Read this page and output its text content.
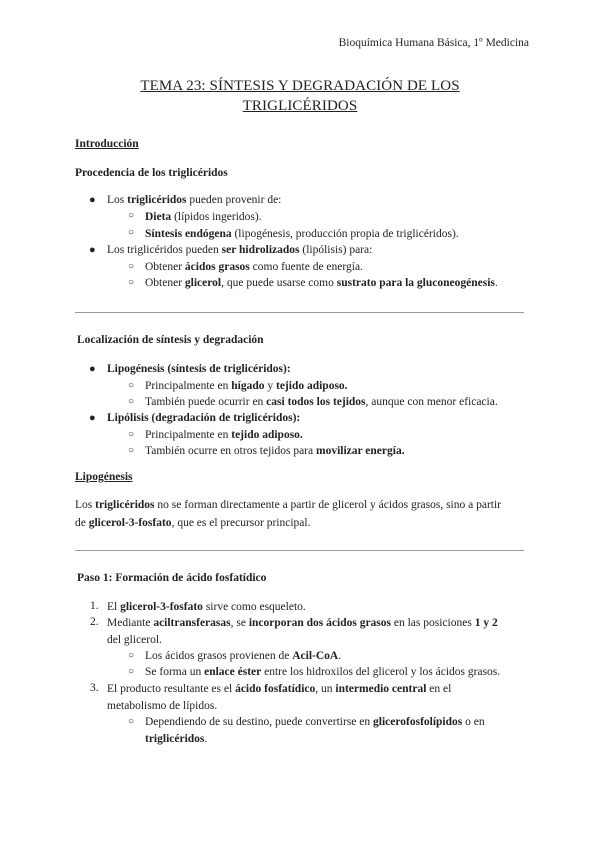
Bioquímica Humana Básica, 1º Medicina
TEMA 23: SÍNTESIS Y DEGRADACIÓN DE LOS
TRIGLICÉRIDOS
Introducción
Procedencia de los triglicéridos
● Los triglicéridos pueden provenir de:
○ Dieta (lípidos ingeridos).
○ Síntesis endógena (lipogénesis, producción propia de triglicéridos).
● Los triglicéridos pueden ser hidrolizados (lipólisis) para:
○ Obtener ácidos grasos como fuente de energía.
○ Obtener glicerol, que puede usarse como sustrato para la gluconeogénesis.
Localización de síntesis y degradación
● Lipogénesis (síntesis de triglicéridos):
○ Principalmente en hígado y tejido adiposo.
○ También puede ocurrir en casi todos los tejidos, aunque con menor eficacia.
● Lipólisis (degradación de triglicéridos):
○ Principalmente en tejido adiposo.
○ También ocurre en otros tejidos para movilizar energía.
Lipogénesis
Los triglicéridos no se forman directamente a partir de glicerol y ácidos grasos, sino a partir
de glicerol-3-fosfato, que es el precursor principal.
Paso 1: Formación de ácido fosfatídico
1. El glicerol-3-fosfato sirve como esqueleto.
2. Mediante aciltransferasas, se incorporan dos ácidos grasos en las posiciones 1 y 2
del glicerol.
○ Los ácidos grasos provienen de Acil-CoA.
○ Se forma un enlace éster entre los hidroxilos del glicerol y los ácidos grasos.
3. El producto resultante es el ácido fosfatídico, un intermedio central en el
metabolismo de lípidos.
○ Dependiendo de su destino, puede convertirse en glicerofosfolípidos o en
triglicéridos.
